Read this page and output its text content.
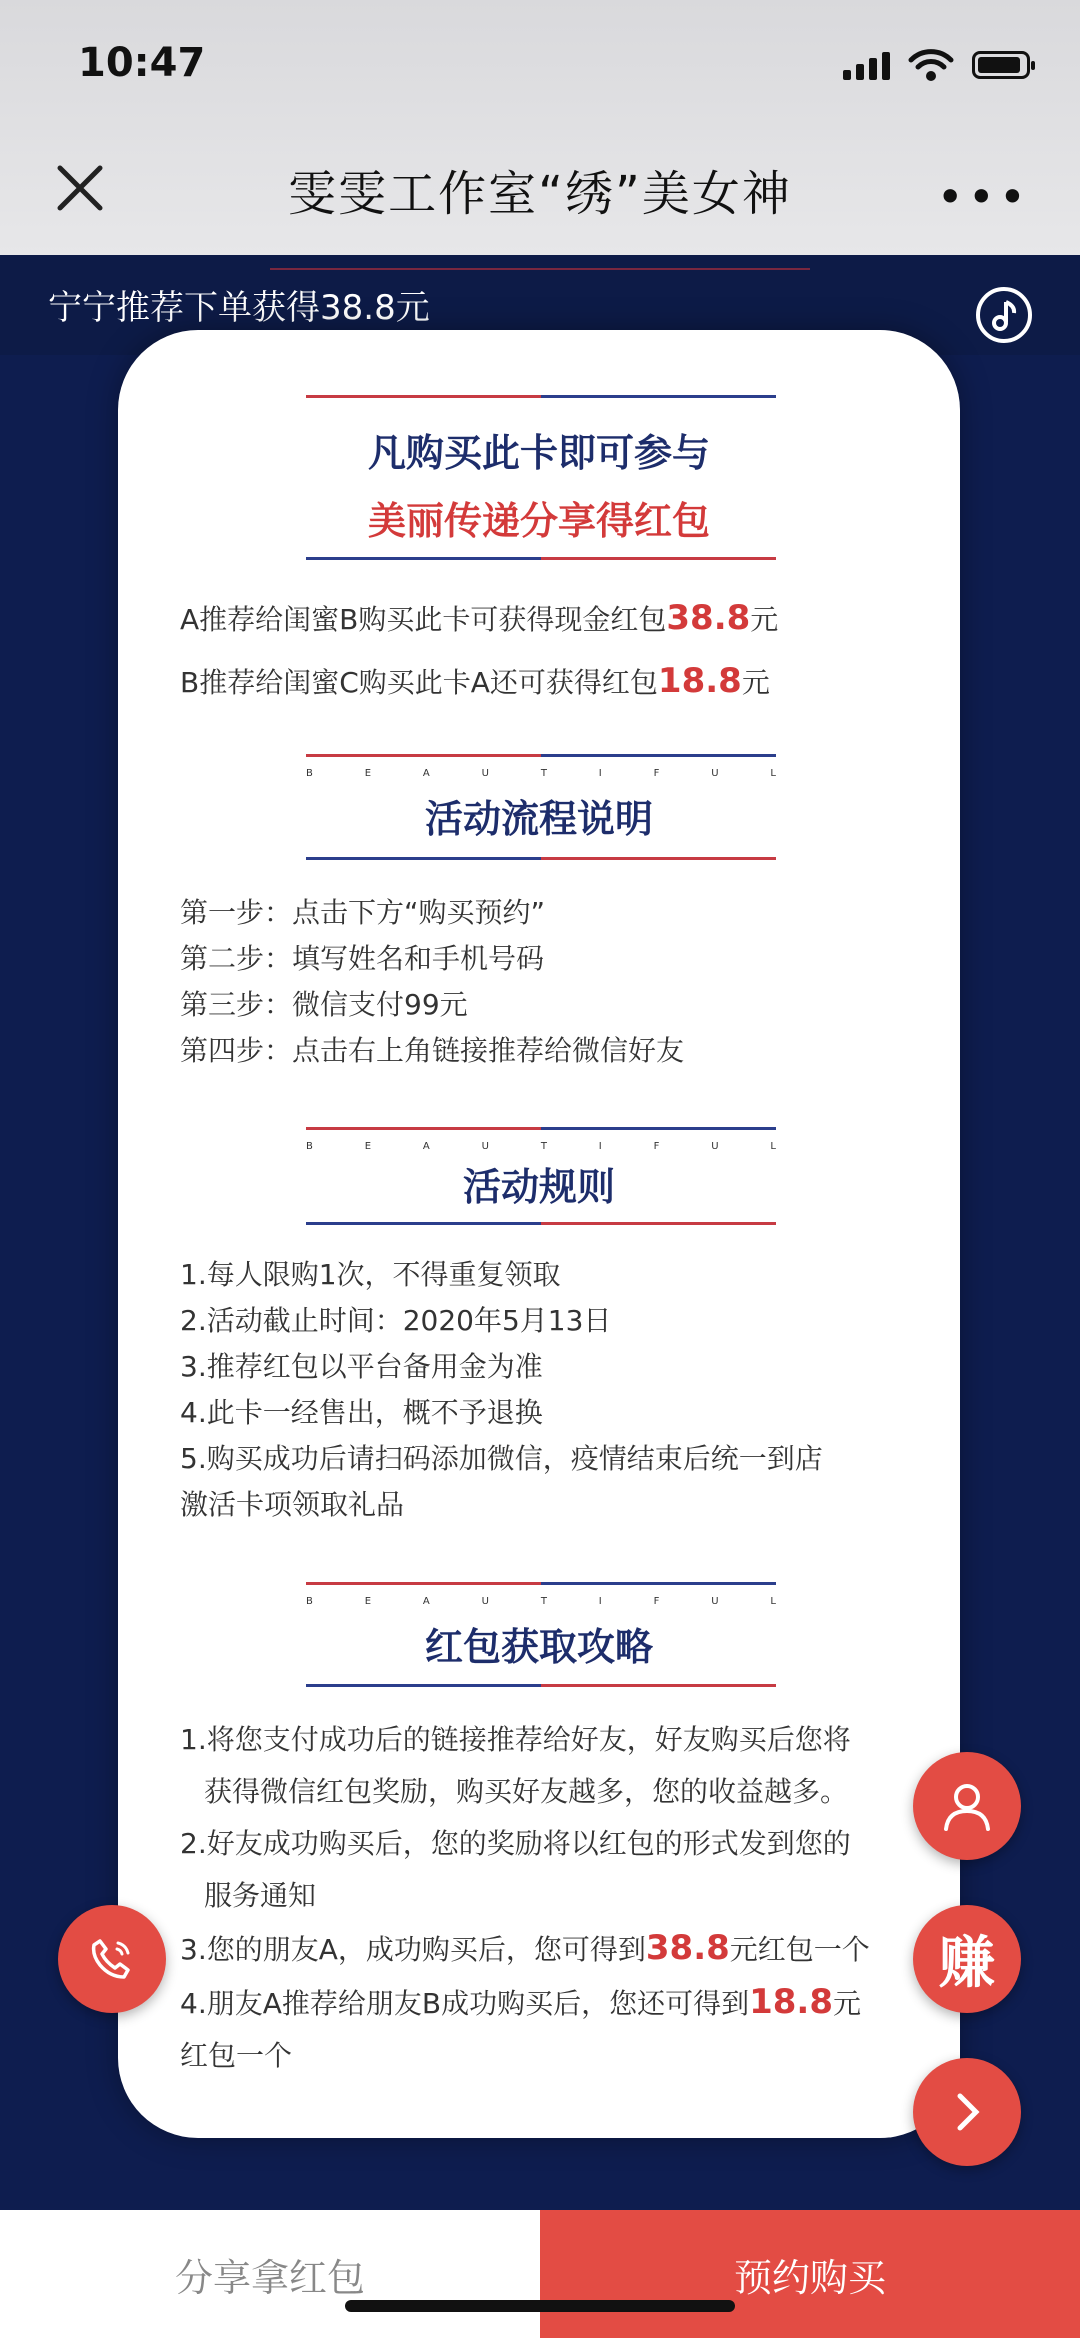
10:47
雯雯工作室“绣”美女神	•••
宁宁推荐下单获得38.8元
凡购买此卡即可参与
美丽传递分享得红包
A推荐给闺蜜B购买此卡可获得现金红包38.8元
B推荐给闺蜜C购买此卡A还可获得红包18.8元
B	E	A	U	T	I	F	U	L
活动流程说明
第一步：点击下方“购买预约”
第二步：填写姓名和手机号码
第三步：微信支付99元
第四步：点击右上角链接推荐给微信好友
B	E	A	U	T	I	F	U	L
活动规则
1.每人限购1次，不得重复领取
2.活动截止时间：2020年5月13日
3.推荐红包以平台备用金为准
4.此卡一经售出，概不予退换
5.购买成功后请扫码添加微信，疫情结束后统一到店
激活卡项领取礼品
B	E	A	U	T	I	F	U	L
红包获取攻略
1.将您支付成功后的链接推荐给好友，好友购买后您将
获得微信红包奖励，购买好友越多，您的收益越多。
2.好友成功购买后，您的奖励将以红包的形式发到您的
服务通知
3.您的朋友A，成功购买后，您可得到38.8元红包一个
4.朋友A推荐给朋友B成功购买后，您还可得到18.8元
红包一个
赚
分享拿红包	预约购买
